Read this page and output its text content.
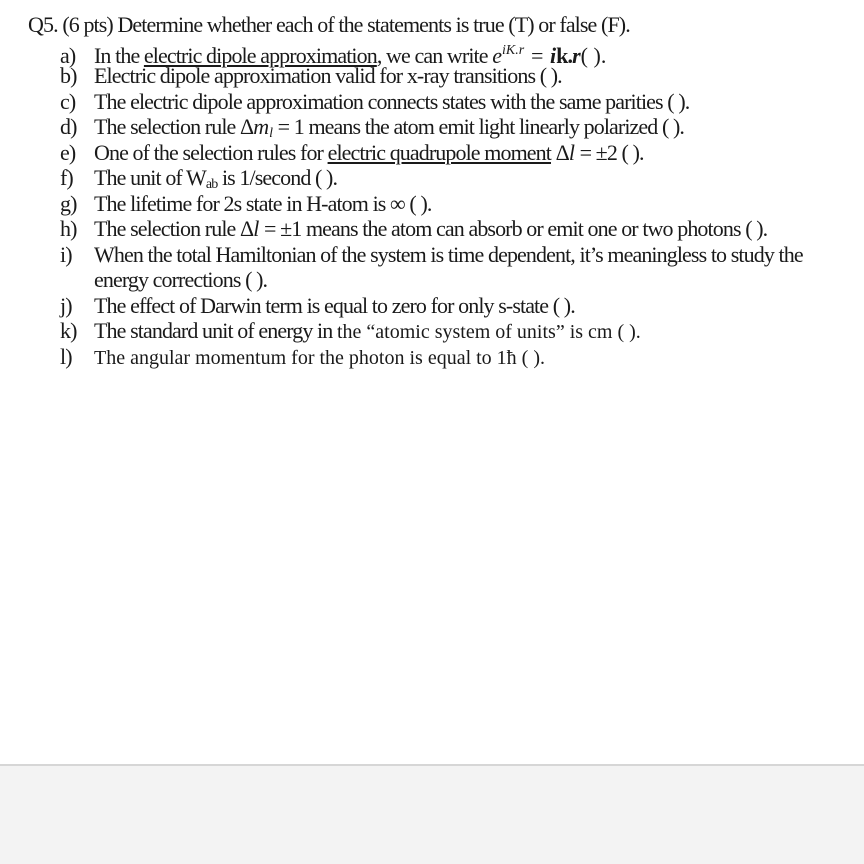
Q5. (6 pts) Determine whether each of the statements is true (T) or false (F).
a) In the electric dipole approximation, we can write $e^{iK.r} = ik.r$( ).
b) Electric dipole approximation valid for x-ray transitions ( ).
c) The electric dipole approximation connects states with the same parities ( ).
d) The selection rule $\Delta m_l = 1$ means the atom emit light linearly polarized ( ).
e) One of the selection rules for electric quadrupole moment Δl = ±2 ( ).
f) The unit of $W_{ab}$ is 1/second ( ).
g) The lifetime for 2s state in H-atom is ∞ ( ).
h) The selection rule Δl = ±1 means the atom can absorb or emit one or two photons ( ).
i)	When the total Hamiltonian of the system is time dependent, it’s meaningless to study the
energy corrections ( ).
j)	The effect of Darwin term is equal to zero for only s-state ( ).
k) The standard unit of energy in the “atomic system of units” is cm ( ).
l)	The angular momentum for the photon is equal to 1ħ ( ).
